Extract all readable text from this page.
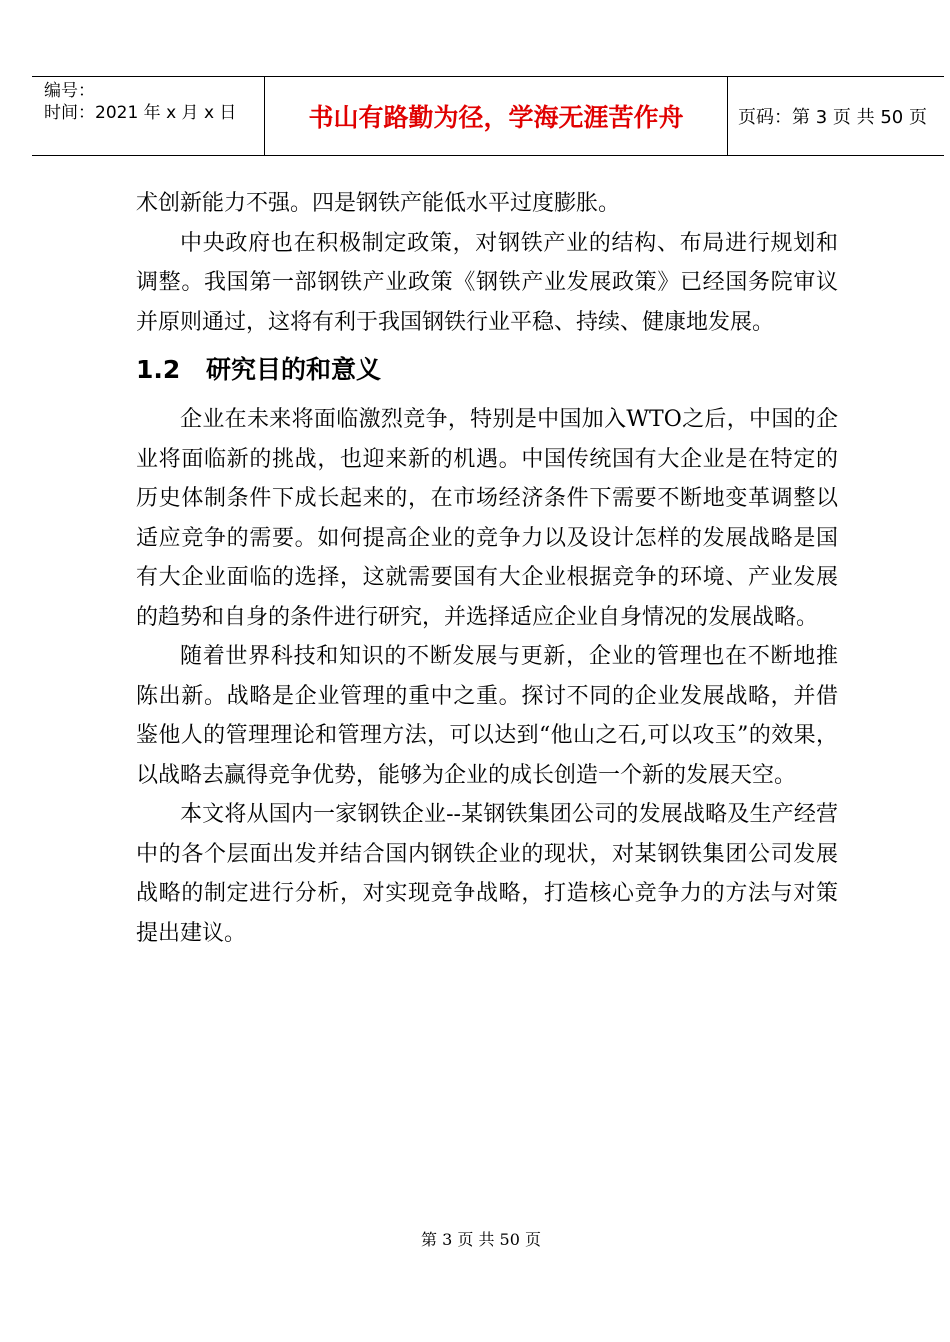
编号：
时间：2021 年 x 月 x 日	书山有路勤为径，学海无涯苦作舟	页码：第 3 页 共 50 页

术创新能力不强。四是钢铁产能低水平过度膨胀。

中央政府也在积极制定政策，对钢铁产业的结构、布局进行规划和调整。我国第一部钢铁产业政策《钢铁产业发展政策》已经国务院审议并原则通过，这将有利于我国钢铁行业平稳、持续、健康地发展。

1.2 研究目的和意义

企业在未来将面临激烈竞争，特别是中国加入WTO之后，中国的企业将面临新的挑战，也迎来新的机遇。中国传统国有大企业是在特定的历史体制条件下成长起来的，在市场经济条件下需要不断地变革调整以适应竞争的需要。如何提高企业的竞争力以及设计怎样的发展战略是国有大企业面临的选择，这就需要国有大企业根据竞争的环境、产业发展的趋势和自身的条件进行研究，并选择适应企业自身情况的发展战略。

随着世界科技和知识的不断发展与更新，企业的管理也在不断地推陈出新。战略是企业管理的重中之重。探讨不同的企业发展战略，并借鉴他人的管理理论和管理方法，可以达到“他山之石,可以攻玉”的效果，以战略去赢得竞争优势，能够为企业的成长创造一个新的发展天空。

本文将从国内一家钢铁企业--某钢铁集团公司的发展战略及生产经营中的各个层面出发并结合国内钢铁企业的现状，对某钢铁集团公司发展战略的制定进行分析，对实现竞争战略，打造核心竞争力的方法与对策提出建议。

第 3 页 共 50 页
